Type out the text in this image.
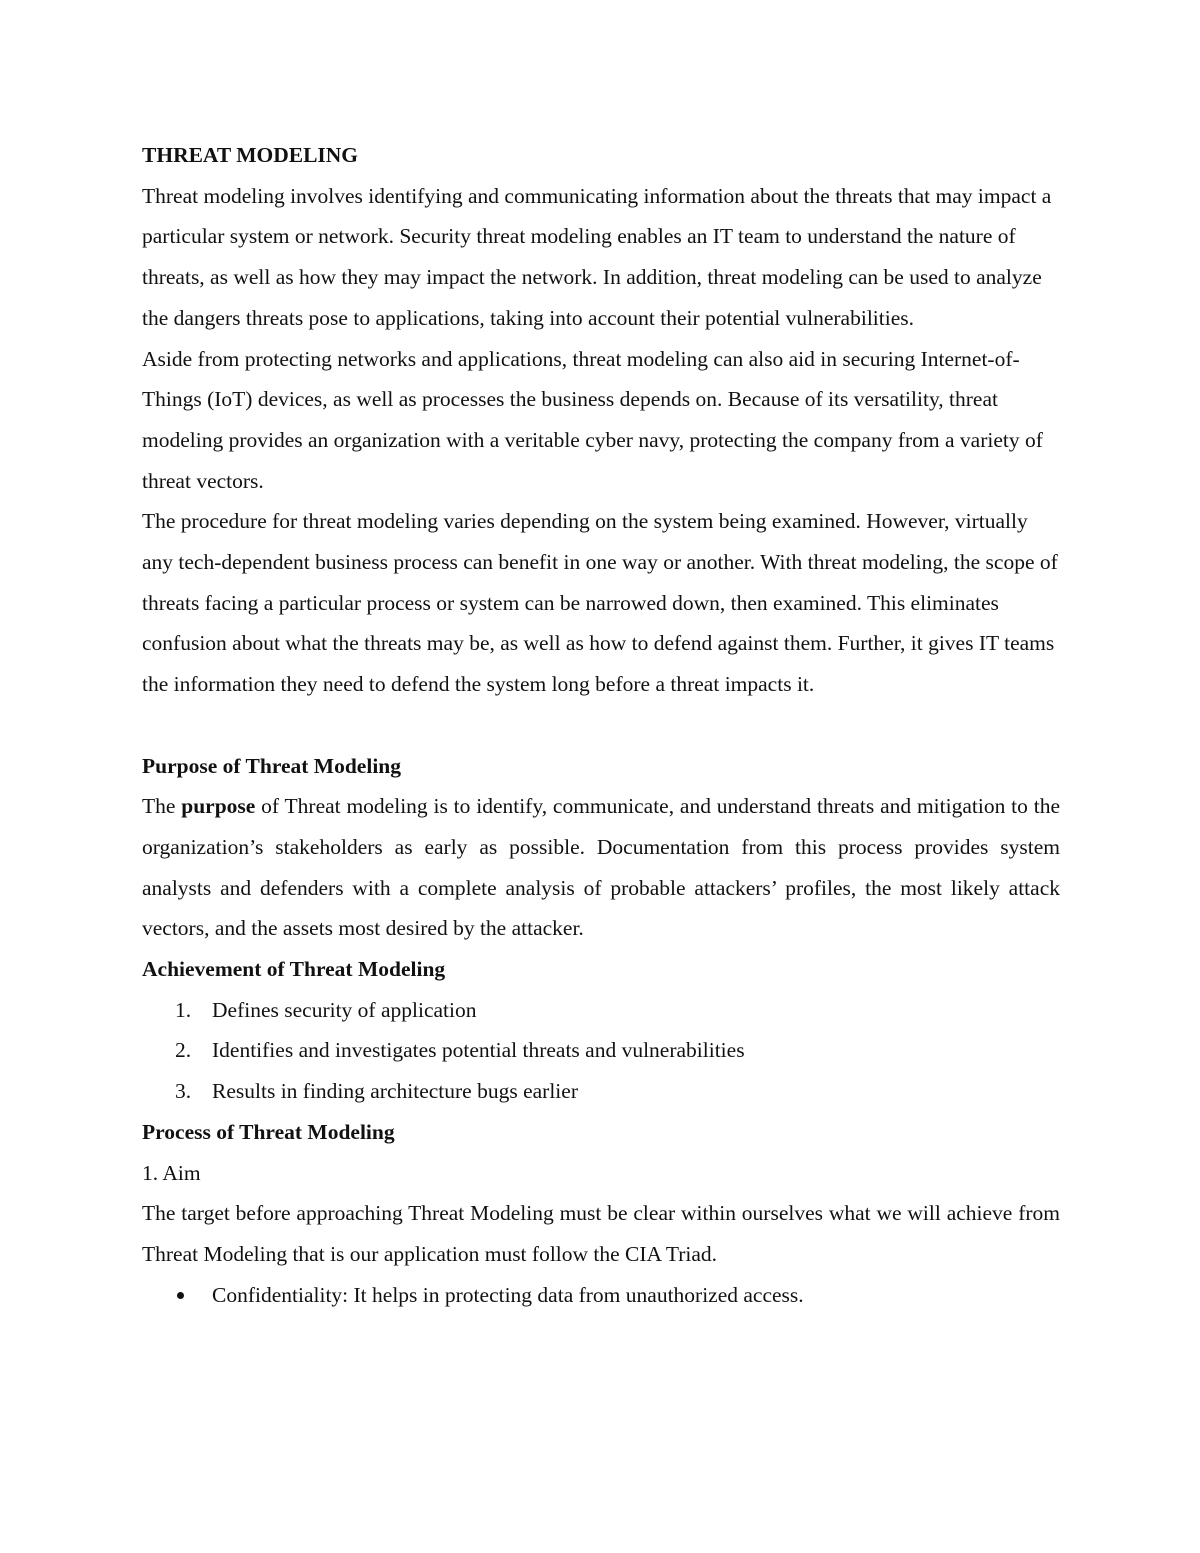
THREAT MODELING

Threat modeling involves identifying and communicating information about the threats that may impact a particular system or network. Security threat modeling enables an IT team to understand the nature of threats, as well as how they may impact the network. In addition, threat modeling can be used to analyze the dangers threats pose to applications, taking into account their potential vulnerabilities.

Aside from protecting networks and applications, threat modeling can also aid in securing Internet-of-Things (IoT) devices, as well as processes the business depends on. Because of its versatility, threat modeling provides an organization with a veritable cyber navy, protecting the company from a variety of threat vectors.

The procedure for threat modeling varies depending on the system being examined. However, virtually any tech-dependent business process can benefit in one way or another. With threat modeling, the scope of threats facing a particular process or system can be narrowed down, then examined. This eliminates confusion about what the threats may be, as well as how to defend against them. Further, it gives IT teams the information they need to defend the system long before a threat impacts it.

Purpose of Threat Modeling

The purpose of Threat modeling is to identify, communicate, and understand threats and mitigation to the organization’s stakeholders as early as possible. Documentation from this process provides system analysts and defenders with a complete analysis of probable attackers’ profiles, the most likely attack vectors, and the assets most desired by the attacker.

Achievement of Threat Modeling

1. Defines security of application
2. Identifies and investigates potential threats and vulnerabilities
3. Results in finding architecture bugs earlier

Process of Threat Modeling

1. Aim

The target before approaching Threat Modeling must be clear within ourselves what we will achieve from Threat Modeling that is our application must follow the CIA Triad.

Confidentiality: It helps in protecting data from unauthorized access.
